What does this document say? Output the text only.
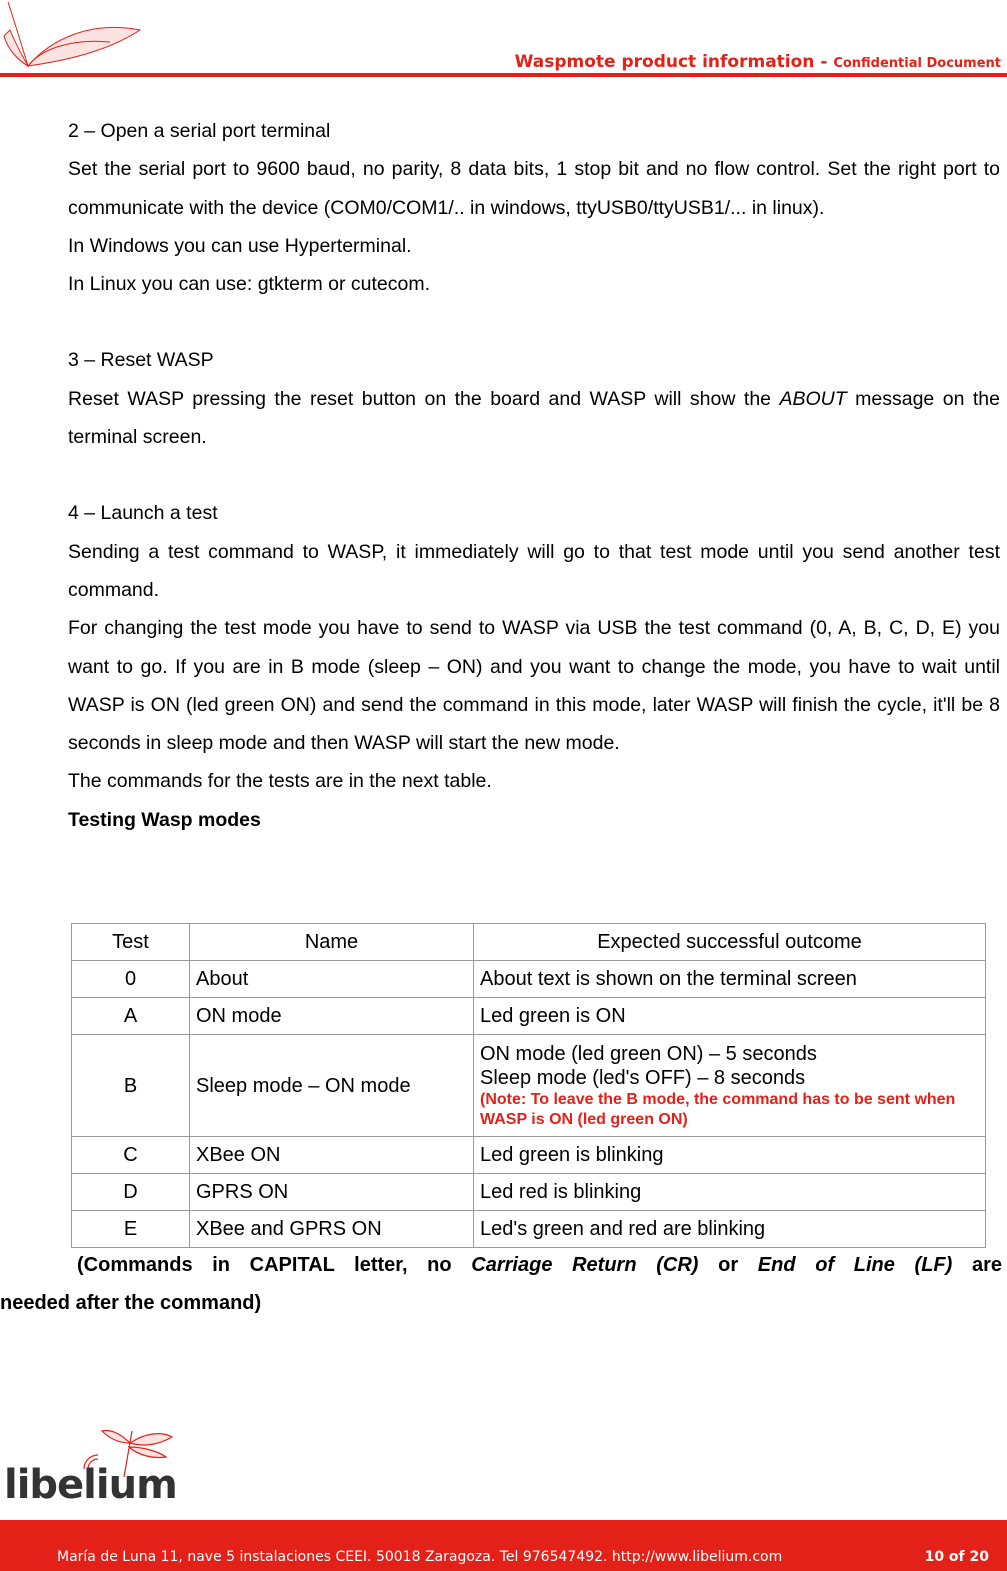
Waspmote product information - Confidential Document

2 – Open a serial port terminal

Set the serial port to 9600 baud, no parity, 8 data bits, 1 stop bit and no flow control. Set the right port to communicate with the device (COM0/COM1/.. in windows, ttyUSB0/ttyUSB1/... in linux).

In Windows you can use Hyperterminal.

In Linux you can use: gtkterm or cutecom.

3 – Reset WASP

Reset WASP pressing the reset button on the board and WASP will show the ABOUT message on the terminal screen.

4 – Launch a test

Sending a test command to WASP, it immediately will go to that test mode until you send another test command.

For changing the test mode you have to send to WASP via USB the test command (0, A, B, C, D, E) you want to go. If you are in B mode (sleep – ON) and you want to change the mode, you have to wait until WASP is ON (led green ON) and send the command in this mode, later WASP will finish the cycle, it'll be 8 seconds in sleep mode and then WASP will start the new mode.

The commands for the tests are in the next table.

Testing Wasp modes

Test	Name	Expected successful outcome
0	About	About text is shown on the terminal screen
A	ON mode	Led green is ON
B	Sleep mode – ON mode	ON mode (led green ON) – 5 seconds
Sleep mode (led's OFF) – 8 seconds
(Note: To leave the B mode, the command has to be sent when WASP is ON (led green ON)

C	XBee ON	Led green is blinking
D	GPRS ON	Led red is blinking
E	XBee and GPRS ON	Led's green and red are blinking
(Commands in CAPITAL letter, no Carriage Return (CR) or End of Line (LF) are
needed after the command)
libelium
María de Luna 11, nave 5 instalaciones CEEI. 50018 Zaragoza. Tel 976547492. http://www.libelium.com	10 of 20
